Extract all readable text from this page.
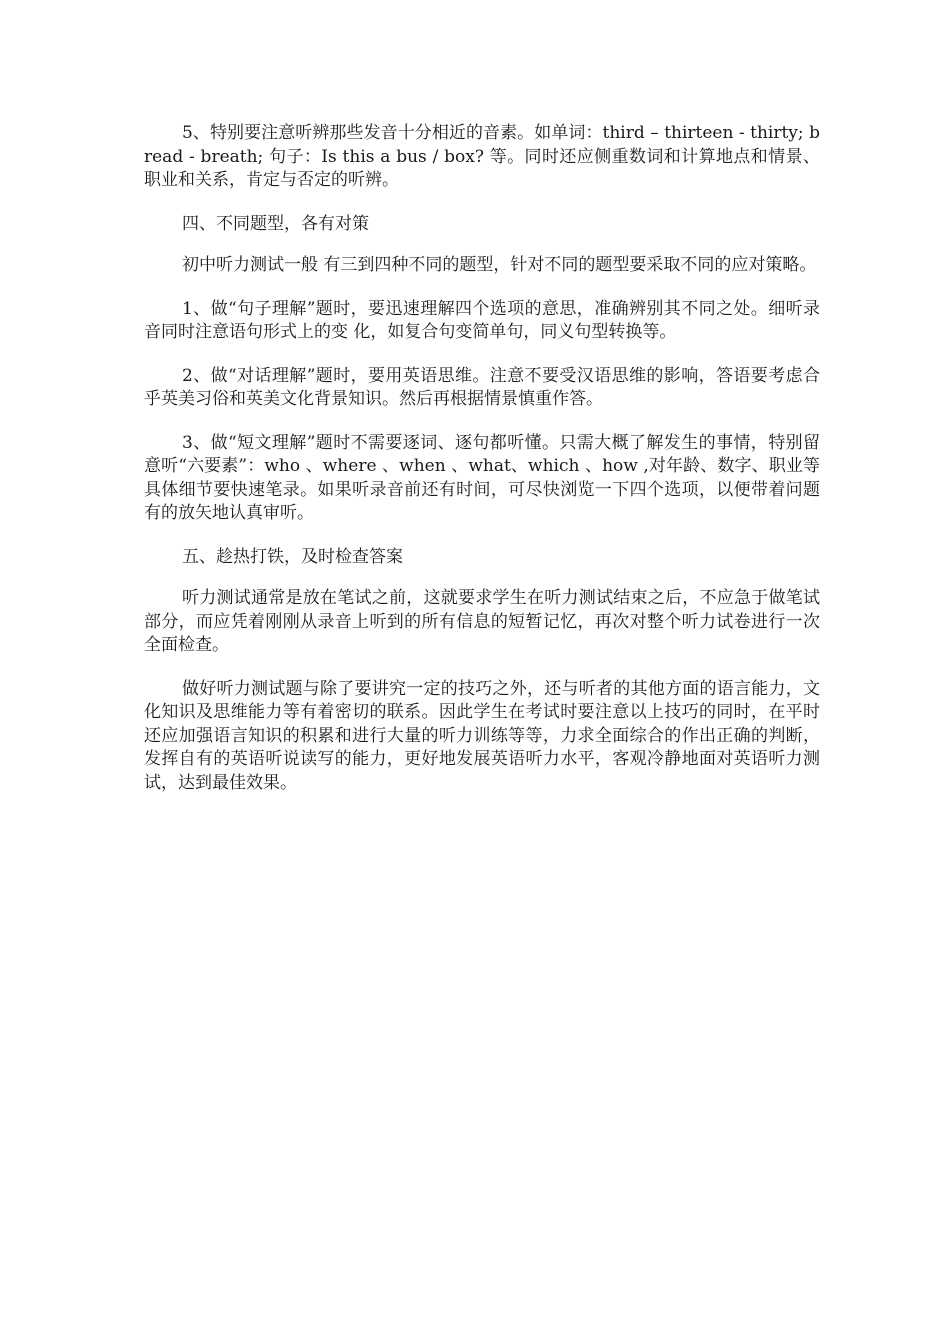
5、特别要注意听辨那些发音十分相近的音素。如单词：third – thirteen - thirty; bread - breath; 句子：Is this a bus / box? 等。同时还应侧重数词和计算地点和情景、职业和关系，肯定与否定的听辨。

四、不同题型，各有对策

初中听力测试一般 有三到四种不同的题型，针对不同的题型要采取不同的应对策略。

1、做“句子理解”题时，要迅速理解四个选项的意思，准确辨别其不同之处。细听录音同时注意语句形式上的变 化，如复合句变简单句，同义句型转换等。

2、做“对话理解”题时，要用英语思维。注意不要受汉语思维的影响，答语要考虑合乎英美习俗和英美文化背景知识。然后再根据情景慎重作答。

3、做“短文理解”题时不需要逐词、逐句都听懂。只需大概了解发生的事情，特别留意听“六要素”：who 、where 、when 、what、which 、how ,对年龄、数字、职业等具体细节要快速笔录。如果听录音前还有时间，可尽快浏览一下四个选项，以便带着问题有的放矢地认真审听。

五、趁热打铁，及时检查答案

听力测试通常是放在笔试之前，这就要求学生在听力测试结束之后，不应急于做笔试　 部分，而应凭着刚刚从录音上听到的所有信息的短暂记忆，再次对整个听力试卷进行一次全面检查。

做好听力测试题与除了要讲究一定的技巧之外，还与听者的其他方面的语言能力，文化知识及思维能力等有着密切的联系。因此学生在考试时要注意以上技巧的同时，在平时还应加强语言知识的积累和进行大量的听力训练等等，力求全面综合的作出正确的判断，发挥自有的英语听说读写的能力，更好地发展英语听力水平，客观冷静地面对英语听力测试，达到最佳效果。
